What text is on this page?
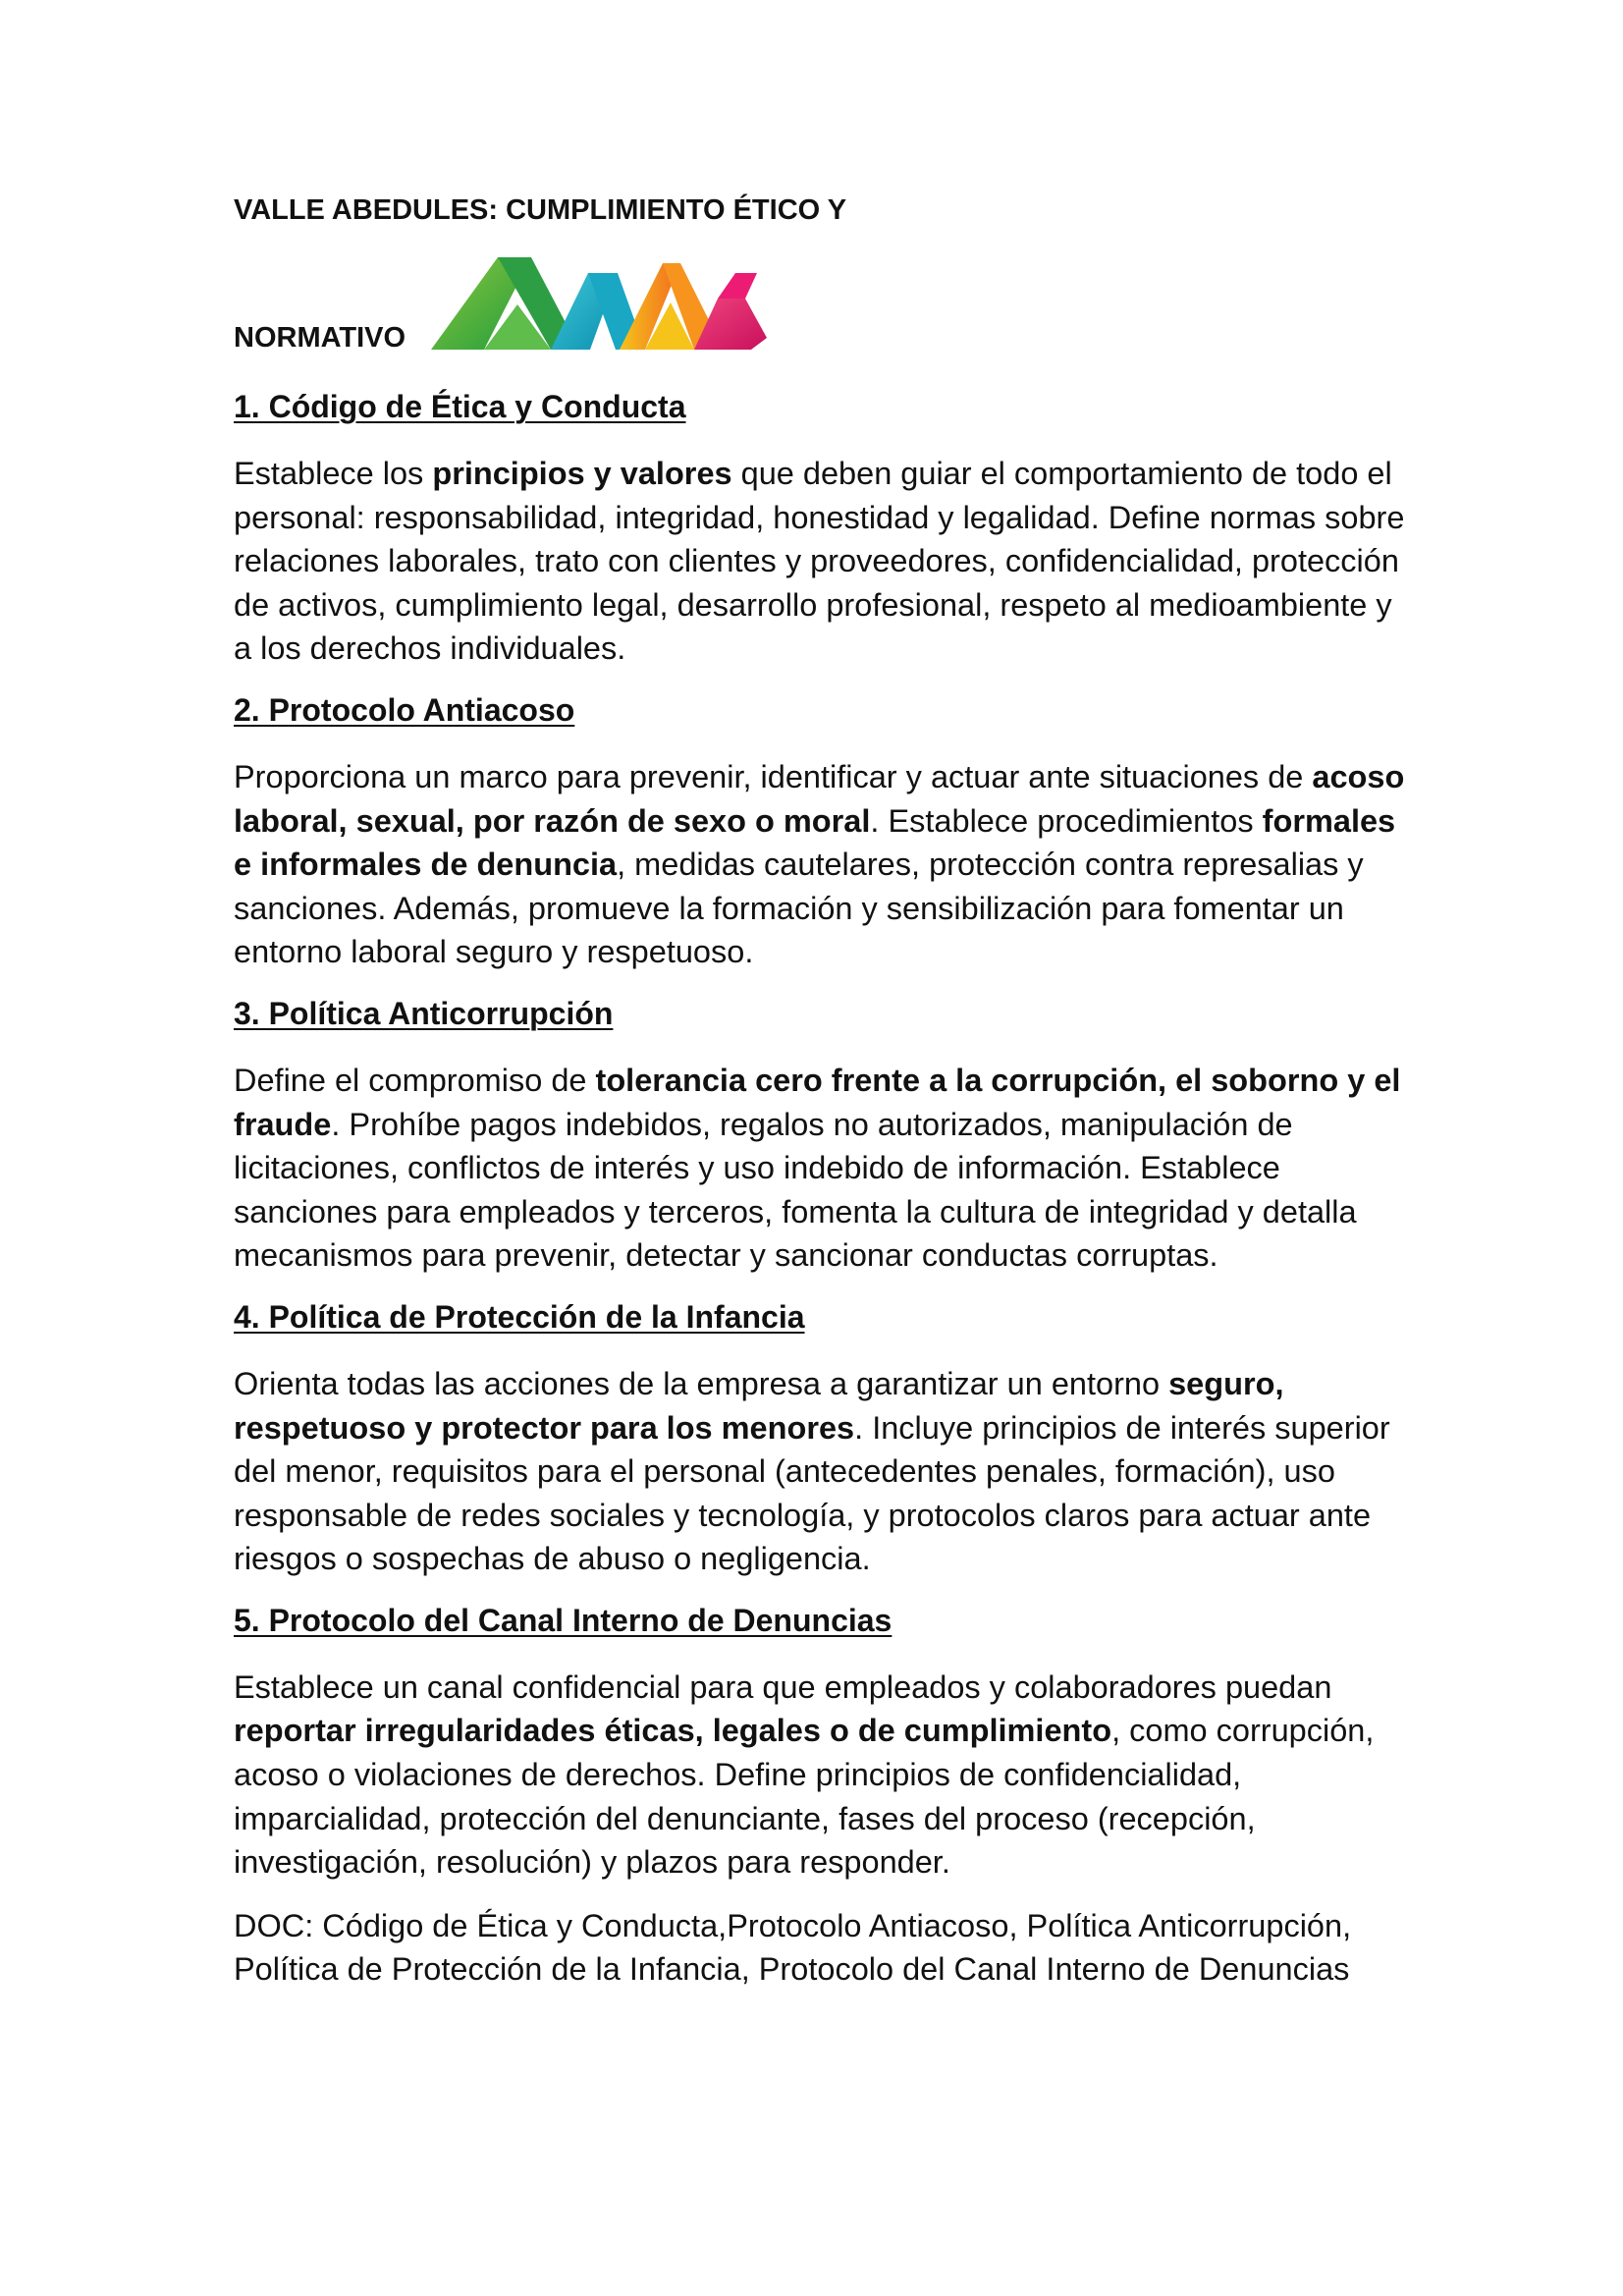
VALLE ABEDULES: CUMPLIMIENTO ÉTICO Y

NORMATIVO

1. Código de Ética y Conducta

Establece los principios y valores que deben guiar el comportamiento de todo el personal: responsabilidad, integridad, honestidad y legalidad. Define normas sobre relaciones laborales, trato con clientes y proveedores, confidencialidad, protección de activos, cumplimiento legal, desarrollo profesional, respeto al medioambiente y a los derechos individuales.

2. Protocolo Antiacoso

Proporciona un marco para prevenir, identificar y actuar ante situaciones de acoso laboral, sexual, por razón de sexo o moral. Establece procedimientos formales e informales de denuncia, medidas cautelares, protección contra represalias y sanciones. Además, promueve la formación y sensibilización para fomentar un entorno laboral seguro y respetuoso.

3. Política Anticorrupción

Define el compromiso de tolerancia cero frente a la corrupción, el soborno y el fraude. Prohíbe pagos indebidos, regalos no autorizados, manipulación de licitaciones, conflictos de interés y uso indebido de información. Establece sanciones para empleados y terceros, fomenta la cultura de integridad y detalla mecanismos para prevenir, detectar y sancionar conductas corruptas.

4. Política de Protección de la Infancia

Orienta todas las acciones de la empresa a garantizar un entorno seguro, respetuoso y protector para los menores. Incluye principios de interés superior del menor, requisitos para el personal (antecedentes penales, formación), uso responsable de redes sociales y tecnología, y protocolos claros para actuar ante riesgos o sospechas de abuso o negligencia.

5. Protocolo del Canal Interno de Denuncias

Establece un canal confidencial para que empleados y colaboradores puedan reportar irregularidades éticas, legales o de cumplimiento, como corrupción, acoso o violaciones de derechos. Define principios de confidencialidad, imparcialidad, protección del denunciante, fases del proceso (recepción, investigación, resolución) y plazos para responder.

DOC: Código de Ética y Conducta,Protocolo Antiacoso, Política Anticorrupción, Política de Protección de la Infancia, Protocolo del Canal Interno de Denuncias
